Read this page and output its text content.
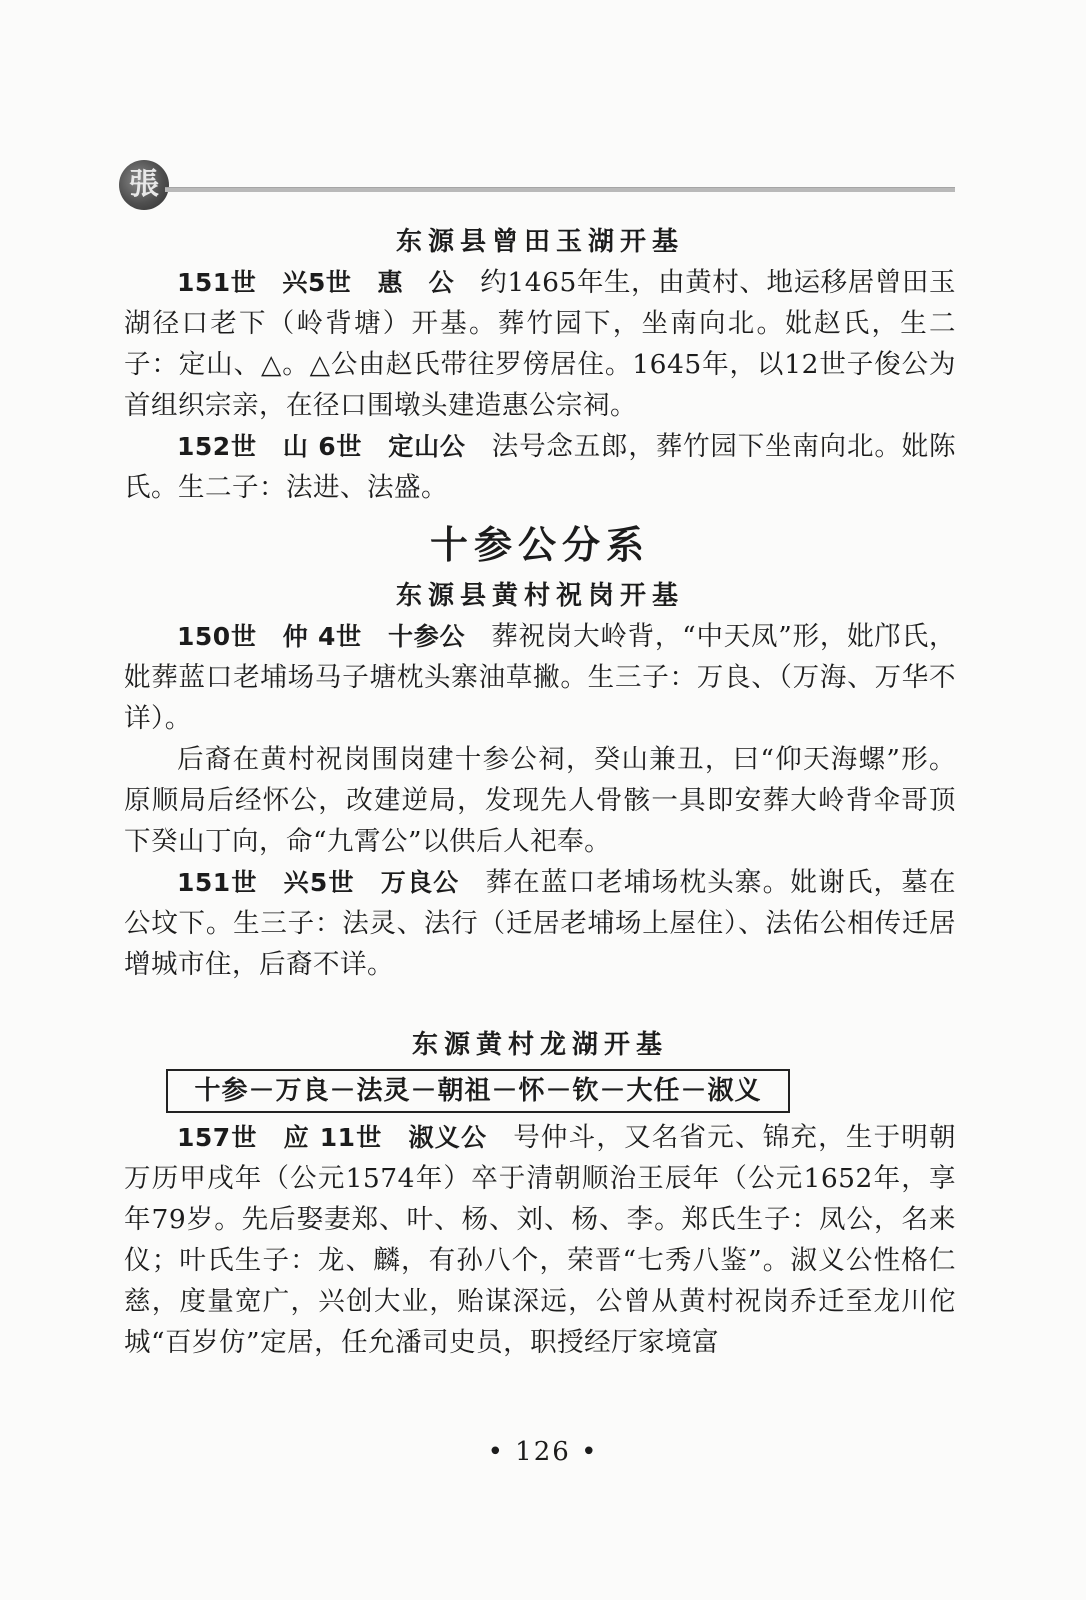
張
东源县曾田玉湖开基

151世 兴5世 惠　公 约1465年生，由黄村、地运移居曾田玉湖径口老下（岭背塘）开基。葬竹园下，坐南向北。妣赵氏，生二子：定山、△。△公由赵氏带往罗傍居住。1645年，以12世子俊公为首组织宗亲，在径口围墩头建造惠公宗祠。

152世 山 6世 定山公 法号念五郎，葬竹园下坐南向北。妣陈氏。生二子：法进、法盛。

十参公分系
东源县黄村祝岗开基

150世 仲 4世 十参公 葬祝岗大岭背，“中天凤”形，妣邝氏，妣葬蓝口老埔场马子塘枕头寨油草撇。生三子：万良、（万海、万华不详）。

后裔在黄村祝岗围岗建十参公祠，癸山兼丑，曰“仰天海螺”形。原顺局后经怀公，改建逆局，发现先人骨骸一具即安葬大岭背伞哥顶下癸山丁向，命“九霄公”以供后人祀奉。

151世 兴5世 万良公 葬在蓝口老埔场枕头寨。妣谢氏，墓在公坟下。生三子：法灵、法行（迁居老埔场上屋住）、法佑公相传迁居增城市住，后裔不详。

东源黄村龙湖开基
十参－万良－法灵－朝祖－怀－钦－大任－淑义

157世 应 11世 淑义公 号仲斗，又名省元、锦充，生于明朝万历甲戌年（公元1574年）卒于清朝顺治王辰年（公元1652年，享年79岁。先后娶妻郑、叶、杨、刘、杨、李。郑氏生子：凤公，名来仪；叶氏生子：龙、麟，有孙八个，荣晋“七秀八鉴”。淑义公性格仁慈，度量宽广，兴创大业，贻谋深远，公曾从黄村祝岗乔迁至龙川佗城“百岁仿”定居，任允潘司史员，职授经厅家境富

• 126 •
